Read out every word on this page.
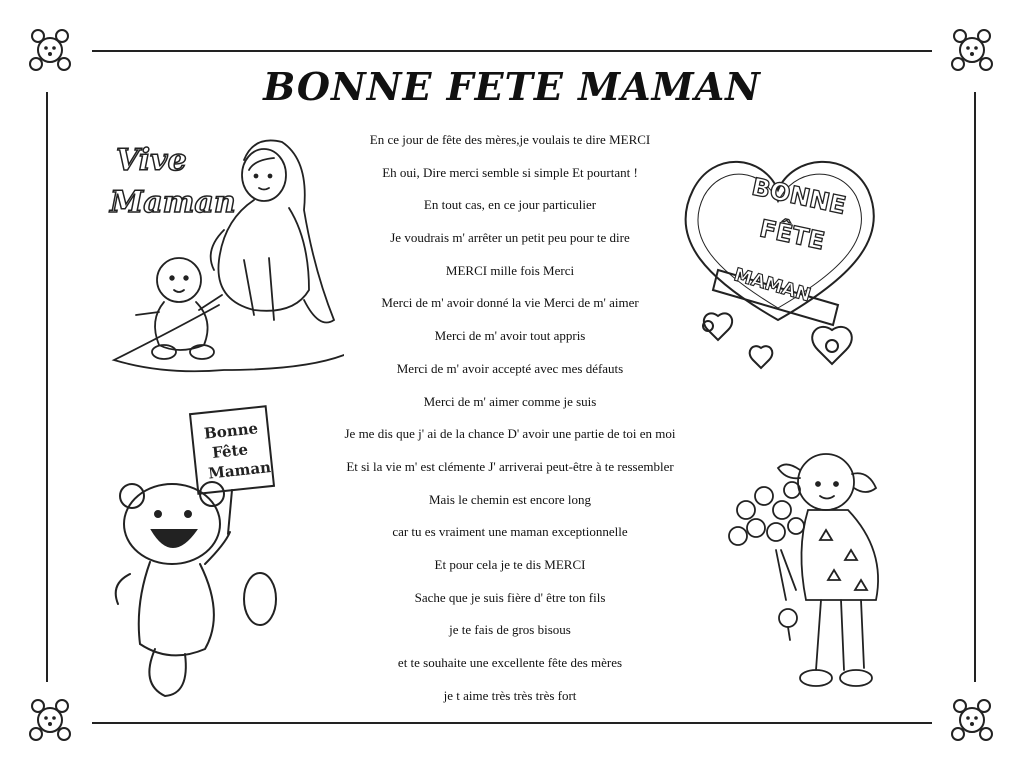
BONNE FETE MAMAN
En ce jour de fête des mères,je voulais te dire MERCI
Eh oui, Dire merci semble si simple Et pourtant !
En tout cas, en ce jour particulier
Je voudrais m' arrêter un petit peu pour te dire
MERCI mille fois Merci
Merci de m' avoir donné la vie Merci de m' aimer
Merci de m' avoir tout appris
Merci de m' avoir accepté avec mes défauts
Merci de m' aimer comme je suis
Je me dis que j' ai de la chance D' avoir une partie de toi en moi
Et si la vie m' est clémente J' arriverai peut-être à te ressembler
Mais le chemin est encore long
car tu es vraiment une maman exceptionnelle
Et pour cela je te dis MERCI
Sache que je suis fière d' être ton fils
je te fais de gros bisous
et te souhaite une excellente fête des mères
je t aime très très très fort
Vive
Maman	BONNE
FÊTE
MAMAN
Bonne
Fête
Maman
